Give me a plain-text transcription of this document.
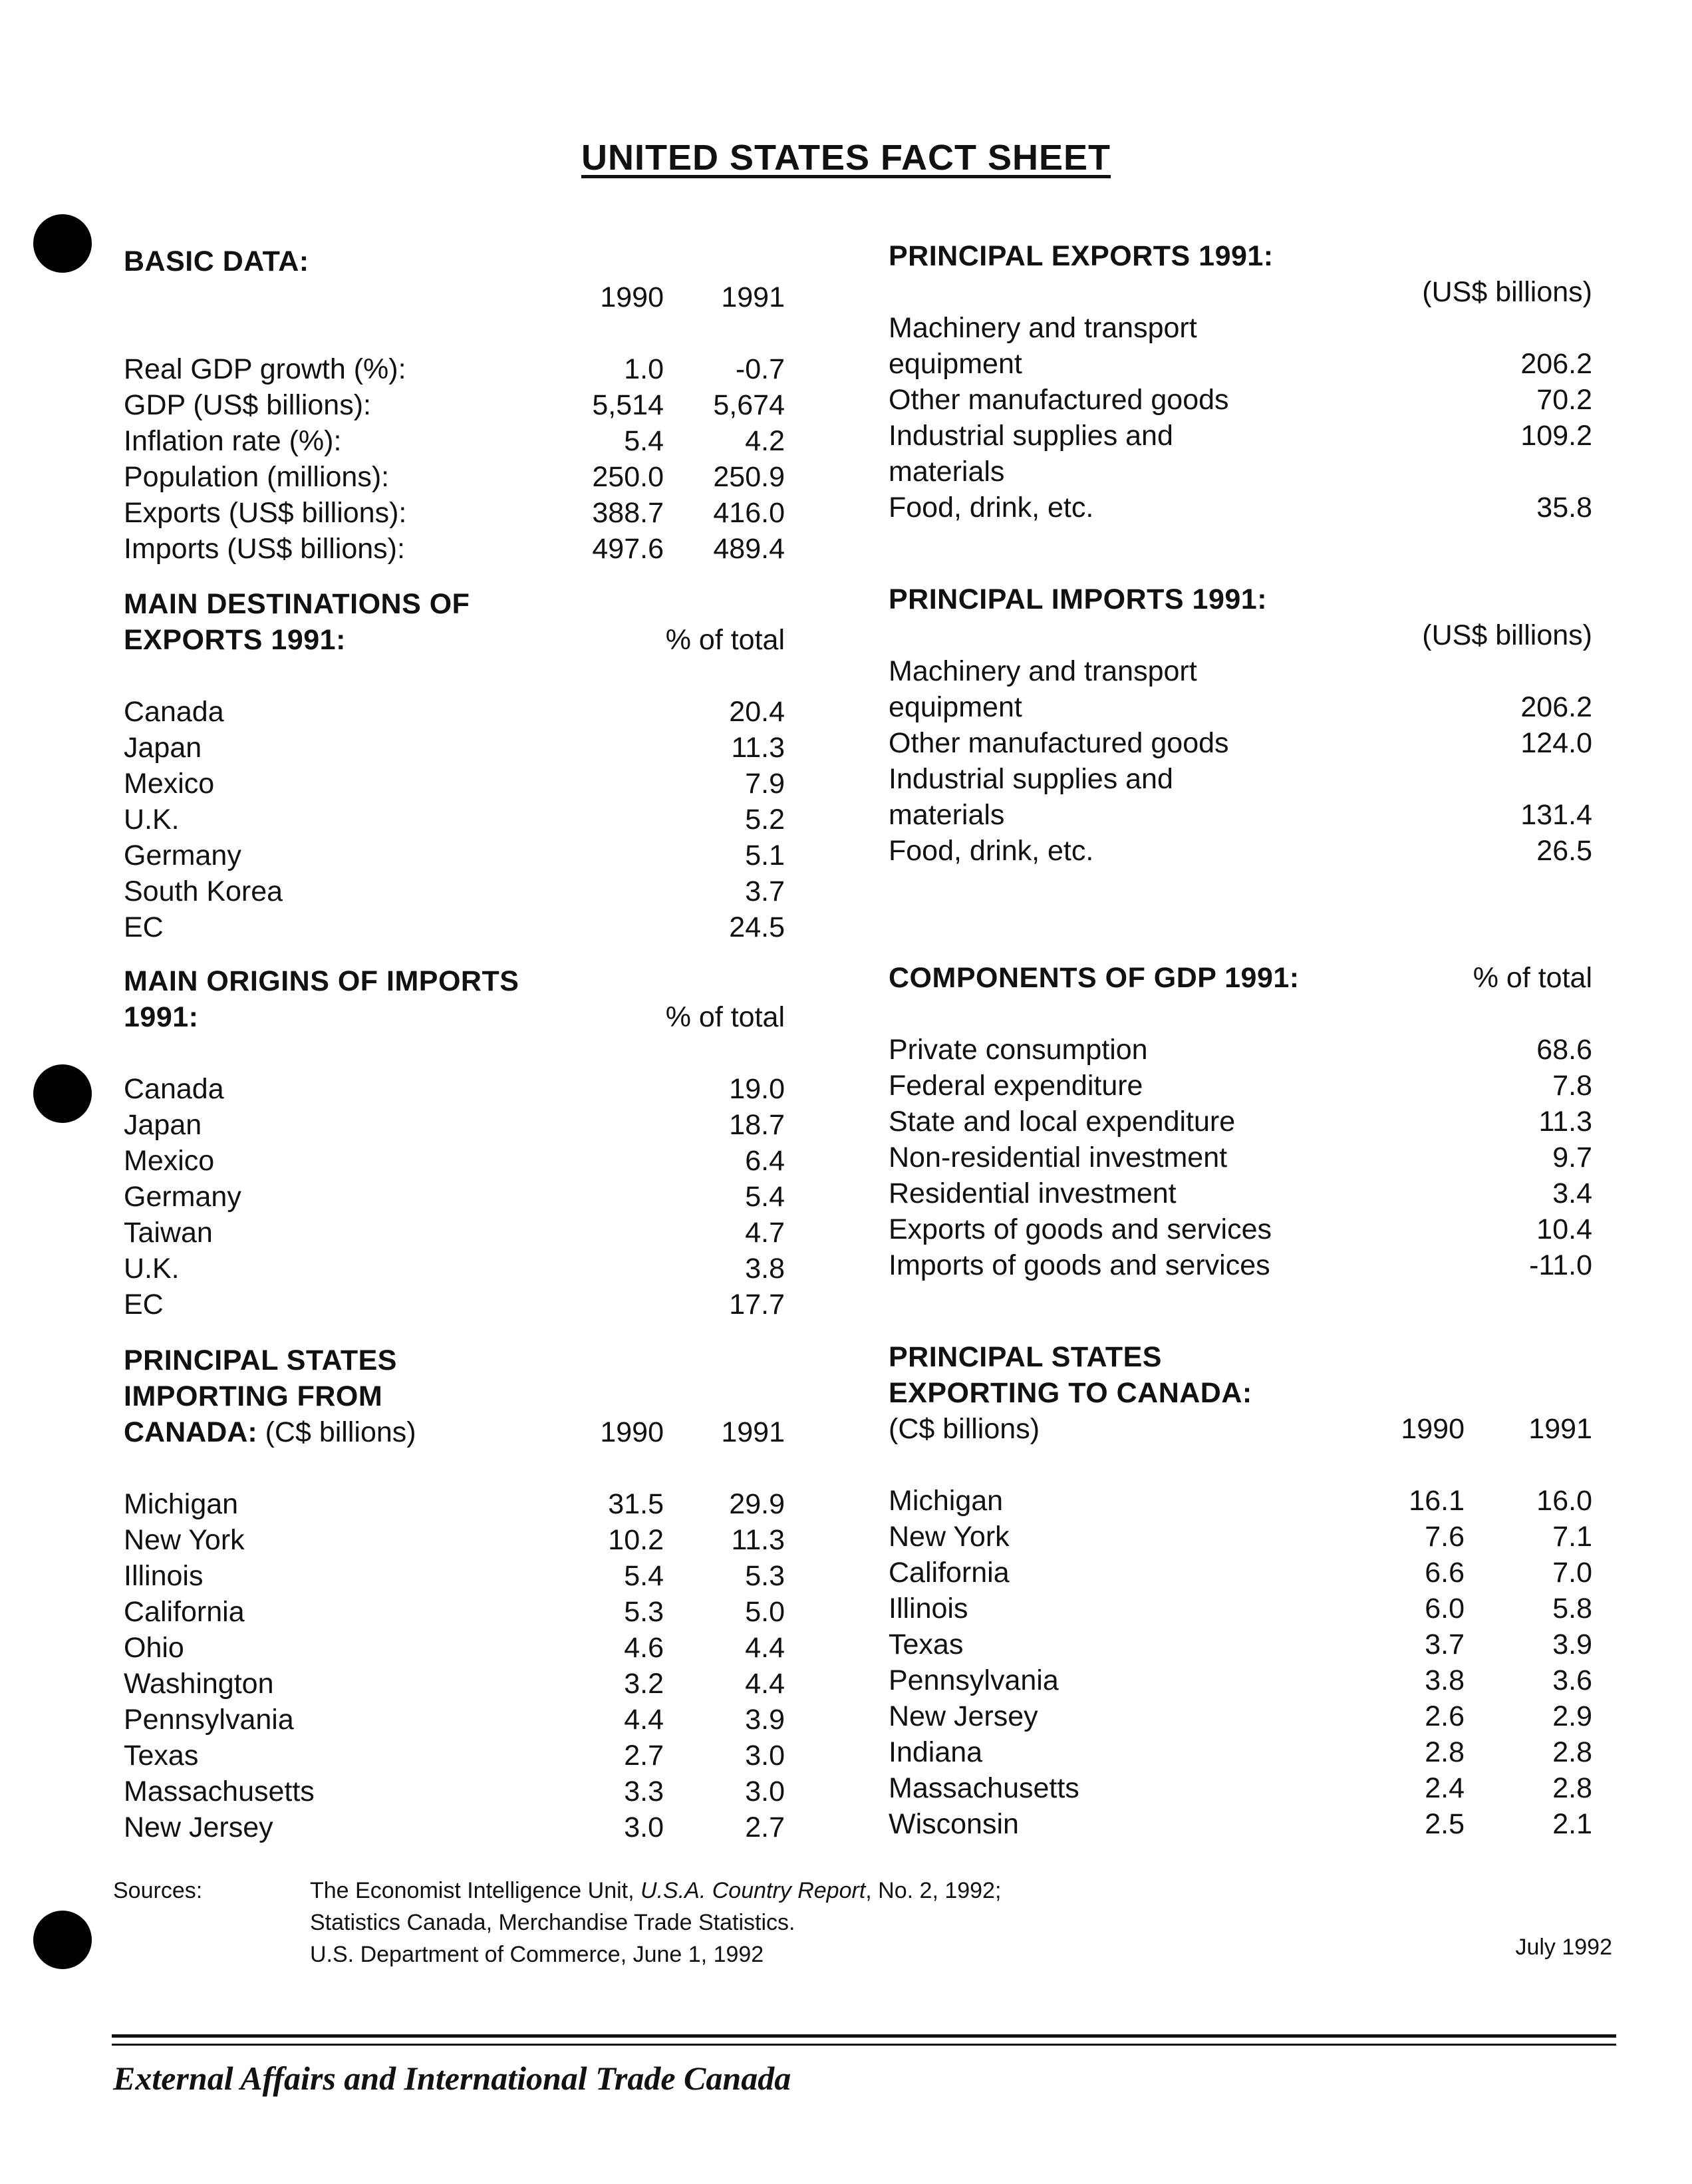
UNITED STATES FACT SHEET
BASIC DATA:
1990 1991
Real GDP growth (%):	1.0	-0.7
GDP (US$ billions):	5,514 5,674
Inflation rate (%):	5.4	4.2
Population (millions):	250.0 250.9
Exports (US$ billions):	388.7 416.0
Imports (US$ billions):	497.6 489.4
MAIN DESTINATIONS OF
EXPORTS 1991:	% of total
Canada	20.4
Japan	11.3
Mexico	7.9
U.K.	5.2
Germany	5.1
South Korea	3.7
EC	24.5
MAIN ORIGINS OF IMPORTS
1991:	% of total
Canada	19.0
Japan	18.7
Mexico	6.4
Germany	5.4
Taiwan	4.7
U.K.	3.8
EC	17.7
PRINCIPAL STATES
IMPORTING FROM
CANADA: (C$ billions)	1990 1991
Michigan	31.5 29.9
New York	10.2 11.3
Illinois	5.4	5.3
California	5.3	5.0
Ohio	4.6	4.4
Washington	3.2	4.4
Pennsylvania	4.4	3.9
Texas	2.7	3.0
Massachusetts	3.3	3.0
New Jersey	3.0	2.7
PRINCIPAL EXPORTS 1991:
(US$ billions)
Machinery and transport
equipment	206.2
Other manufactured goods	70.2
Industrial supplies and	109.2
materials
Food, drink, etc.	35.8
PRINCIPAL IMPORTS 1991:
(US$ billions)
Machinery and transport
equipment	206.2
Other manufactured goods	124.0
Industrial supplies and
materials	131.4
Food, drink, etc.	26.5
COMPONENTS OF GDP 1991:	% of total
Private consumption	68.6
Federal expenditure	7.8
State and local expenditure	11.3
Non-residential investment	9.7
Residential investment	3.4
Exports of goods and services	10.4
Imports of goods and services	-11.0
PRINCIPAL STATES
EXPORTING TO CANADA:
(C$ billions)	1990 1991
Michigan	16.1	16.0
New York	7.6	7.1
California	6.6	7.0
Illinois	6.0	5.8
Texas	3.7	3.9
Pennsylvania	3.8	3.6
New Jersey	2.6	2.9
Indiana	2.8	2.8
Massachusetts	2.4	2.8
Wisconsin	2.5	2.1
Sources:	The Economist Intelligence Unit, U.S.A. Country Report, No. 2, 1992;
Statistics Canada, Merchandise Trade Statistics.
U.S. Department of Commerce, June 1, 1992	July 1992
External Affairs and International Trade Canada
